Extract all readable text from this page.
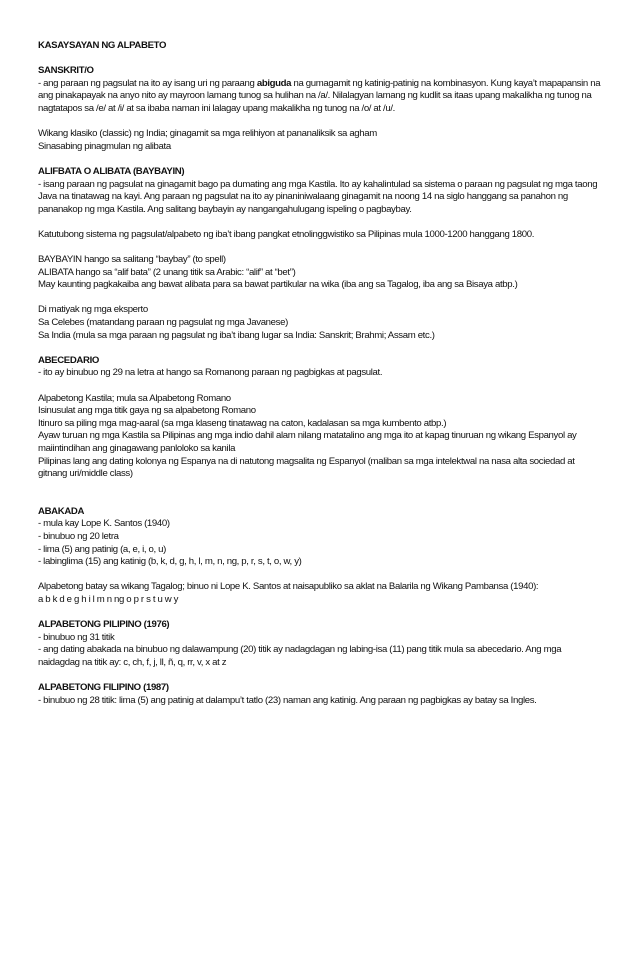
KASAYSAYAN NG ALPABETO

SANSKRIT/O

- ang paraan ng pagsulat na ito ay isang uri ng paraang abiguda na gumagamit ng katinig-patinig na kombinasyon. Kung kaya’t mapapansin na ang pinakapayak na anyo nito ay mayroon lamang tunog sa hulihan na /a/. Nilalagyan lamang ng kudlit sa itaas upang makalikha ng tunog na nagtatapos sa /e/ at /i/ at sa ibaba naman ini lalagay upang makalikha ng tunog na /o/ at /u/.

Wikang klasiko (classic) ng India; ginagamit sa mga relihiyon at pananaliksik sa agham

Sinasabing pinagmulan ng alibata

ALIFBATA O ALIBATA (BAYBAYIN)

- isang paraan ng pagsulat na ginagamit bago pa dumating ang mga Kastila. Ito ay kahalintulad sa sistema o paraan ng pagsulat ng mga taong Java na tinatawag na kayi. Ang paraan ng pagsulat na ito ay pinaniniwalaang ginagamit na noong 14 na siglo hanggang sa panahon ng pananakop ng mga Kastila. Ang salitang baybayin ay nangangahulugang ispeling o pagbaybay.

Katutubong sistema ng pagsulat/alpabeto ng iba’t ibang pangkat etnolinggwistiko sa Pilipinas mula 1000-1200 hanggang 1800.

BAYBAYIN hango sa salitang “baybay” (to spell)

ALIBATA hango sa “alif bata” (2 unang titik sa Arabic: “alif” at “bet”)

May kaunting pagkakaiba ang bawat alibata para sa bawat partikular na wika (iba ang sa Tagalog, iba ang sa Bisaya atbp.)

Di matiyak ng mga eksperto

Sa Celebes (matandang paraan ng pagsulat ng mga Javanese)

Sa India (mula sa mga paraan ng pagsulat ng iba’t ibang lugar sa India: Sanskrit; Brahmi; Assam etc.)

ABECEDARIO

- ito ay binubuo ng 29 na letra at hango sa Romanong paraan ng pagbigkas at pagsulat.

Alpabetong Kastila; mula sa Alpabetong Romano

Isinusulat ang mga titik gaya ng sa alpabetong Romano

Itinuro sa piling mga mag-aaral (sa mga klaseng tinatawag na caton, kadalasan sa mga kumbento atbp.)

Ayaw turuan ng mga Kastila sa Pilipinas ang mga indio dahil alam nilang matatalino ang mga ito at kapag tinuruan ng wikang Espanyol ay maiintindihan ang ginagawang panloloko sa kanila

Pilipinas lang ang dating kolonya ng Espanya na di natutong magsalita ng Espanyol (maliban sa mga intelektwal na nasa alta sociedad at gitnang uri/middle class)

ABAKADA

- mula kay Lope K. Santos (1940)

- binubuo ng 20 letra

- lima (5) ang patinig (a, e, i, o, u)

- labinglima (15) ang katinig (b, k, d, g, h, l, m, n, ng, p, r, s, t, o, w, y)

Alpabetong batay sa wikang Tagalog; binuo ni Lope K. Santos at naisapubliko sa aklat na Balarila ng Wikang Pambansa (1940):

a b k d e g h i l m n ng o p r s t u w y

ALPABETONG PILIPINO (1976)

- binubuo ng 31 titik

- ang dating abakada na binubuo ng dalawampung (20) titik ay nadagdagan ng labing-isa (11) pang titik mula sa abecedario. Ang mga naidagdag na titik ay: c, ch, f, j, ll, ñ, q, rr, v, x at z

ALPABETONG FILIPINO (1987)

- binubuo ng 28 titik: lima (5) ang patinig at dalampu’t tatlo (23) naman ang katinig. Ang paraan ng pagbigkas ay batay sa Ingles.
